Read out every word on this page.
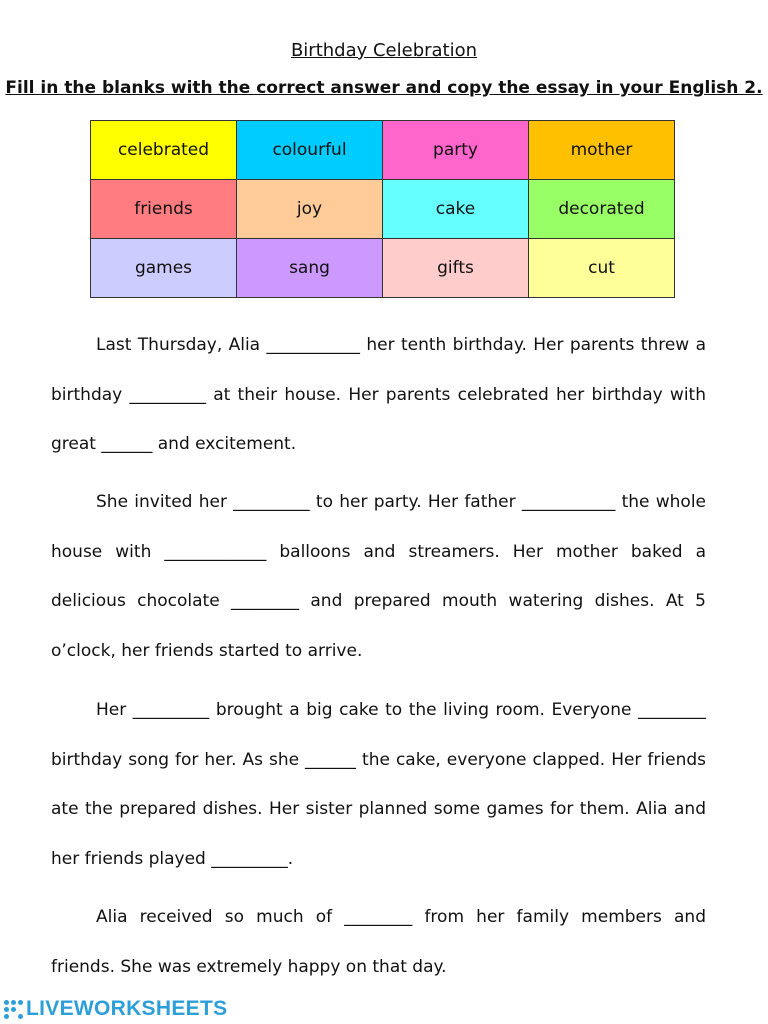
Birthday Celebration
Fill in the blanks with the correct answer and copy the essay in your English 2.
celebrated	colourful	party	mother
friends	joy	cake	decorated
games	sang	gifts	cut

Last Thursday, Alia ___________ her tenth birthday. Her parents threw a birthday _________ at their house. Her parents celebrated her birthday with great ______ and excitement.

She invited her _________ to her party. Her father ___________ the whole house with ____________ balloons and streamers. Her mother baked a delicious chocolate ________ and prepared mouth watering dishes. At 5 o’clock, her friends started to arrive.

Her _________ brought a big cake to the living room. Everyone ________ birthday song for her. As she ______ the cake, everyone clapped. Her friends ate the prepared dishes. Her sister planned some games for them. Alia and her friends played _________.

Alia received so much of ________ from her family members and friends. She was extremely happy on that day.

LIVEWORKSHEETS
